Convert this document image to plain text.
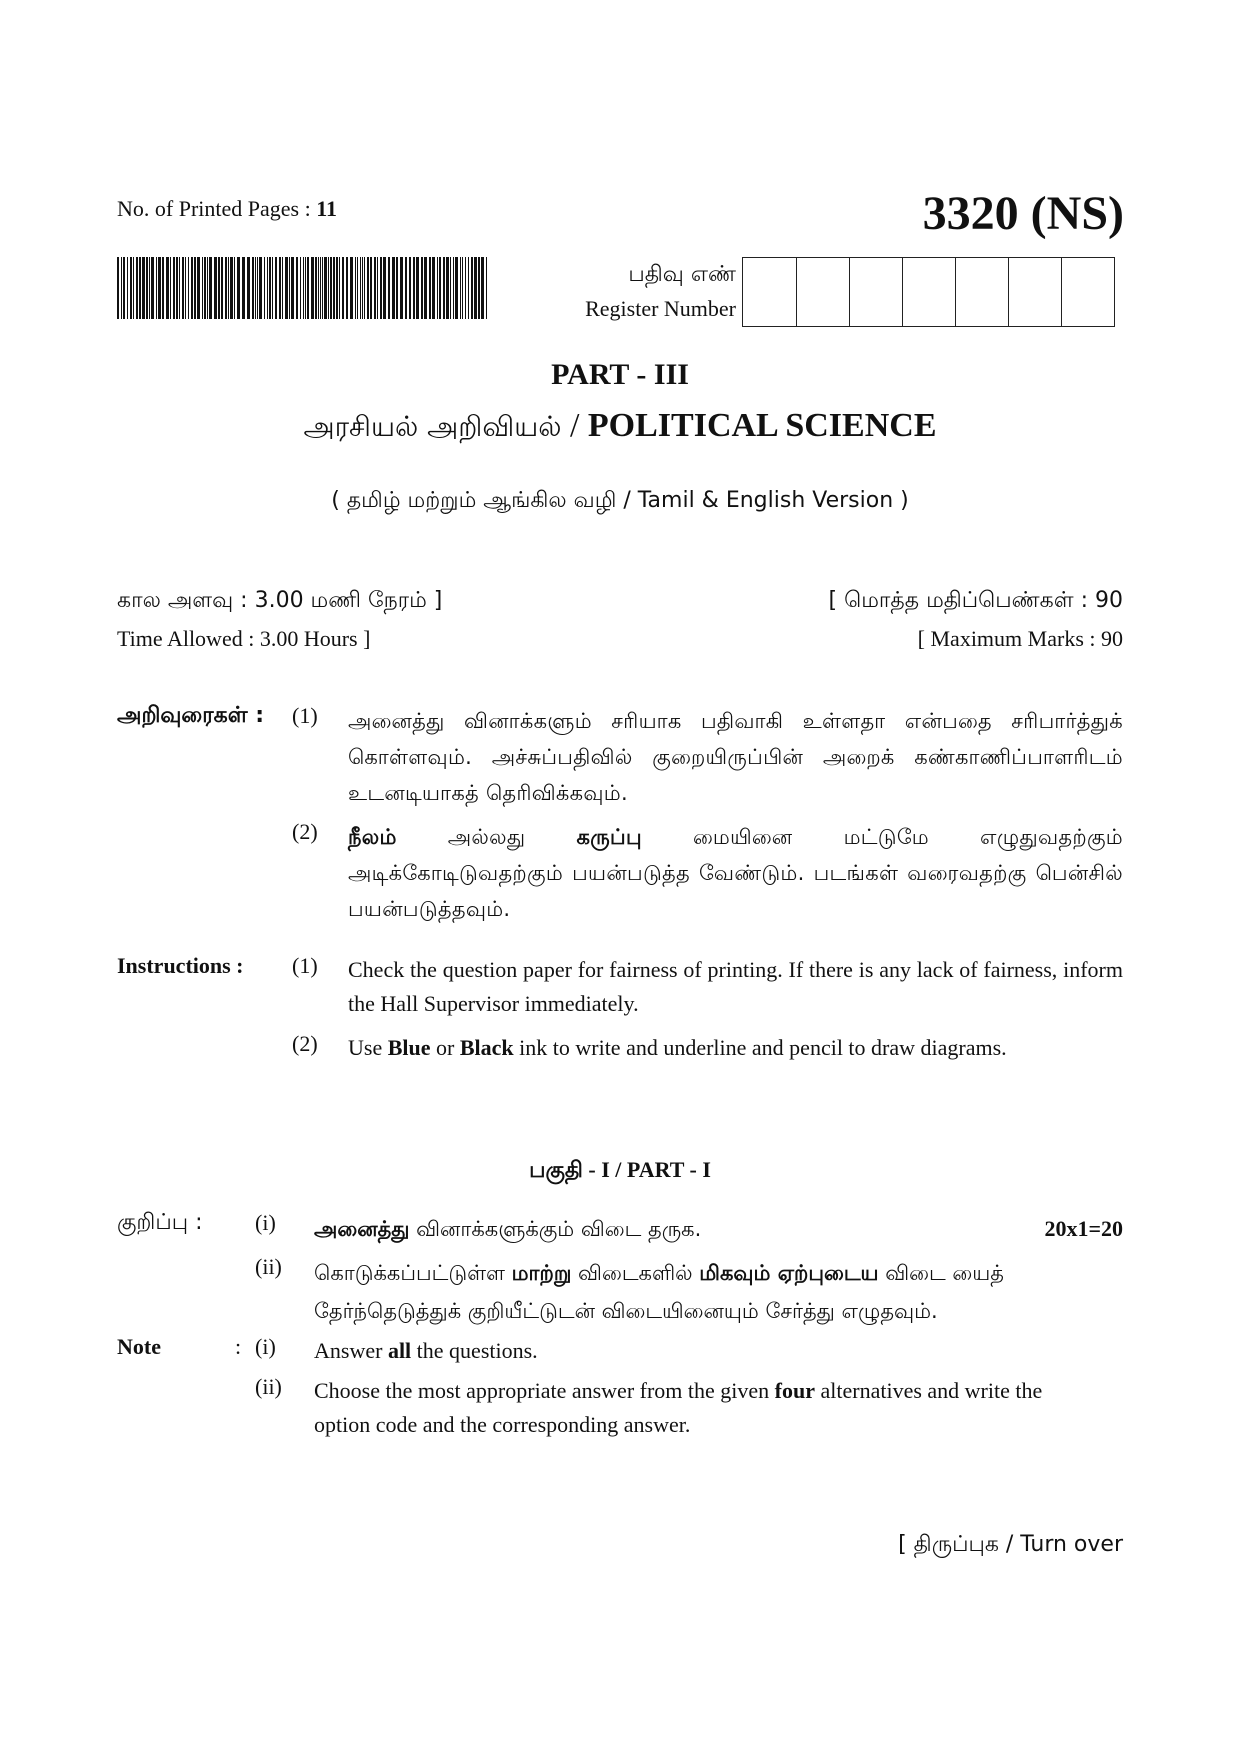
No. of Printed Pages : 11	3320 (NS)
பதிவு எண்
Register Number
PART - III
அரசியல் அறிவியல் / POLITICAL SCIENCE
( தமிழ் மற்றும் ஆங்கில வழி / Tamil & English Version )
கால அளவு : 3.00 மணி நேரம் ]	[ மொத்த மதிப்பெண்கள் : 90
Time Allowed : 3.00 Hours ]	[ Maximum Marks : 90
அறிவுரைகள் :	(1)	அனைத்து வினாக்களும் சரியாக பதிவாகி உள்ளதா என்பதை சரிபார்த்துக் கொள்ளவும். அச்சுப்பதிவில் குறையிருப்பின் அறைக் கண்காணிப்பாளரிடம் உடனடியாகத் தெரிவிக்கவும்.
(2)	நீலம் அல்லது கருப்பு மையினை மட்டுமே எழுதுவதற்கும் அடிக்கோடிடுவதற்கும் பயன்படுத்த வேண்டும். படங்கள் வரைவதற்கு பென்சில் பயன்படுத்தவும்.
Instructions :	(1)	Check the question paper for fairness of printing. If there is any lack of fairness, inform the Hall Supervisor immediately.
(2)	Use Blue or Black ink to write and underline and pencil to draw diagrams.
பகுதி - I / PART - I
குறிப்பு :	(i)	அனைத்து வினாக்களுக்கும் விடை தருக.	20x1=20
(ii)	கொடுக்கப்பட்டுள்ள மாற்று விடைகளில் மிகவும் ஏற்புடைய விடை யைத் தேர்ந்தெடுத்துக் குறியீட்டுடன் விடையினையும் சேர்த்து எழுதவும்.
Note	: (i)	Answer all the questions.
(ii)	Choose the most appropriate answer from the given four alternatives and write the option code and the corresponding answer.
[ திருப்புக / Turn over
